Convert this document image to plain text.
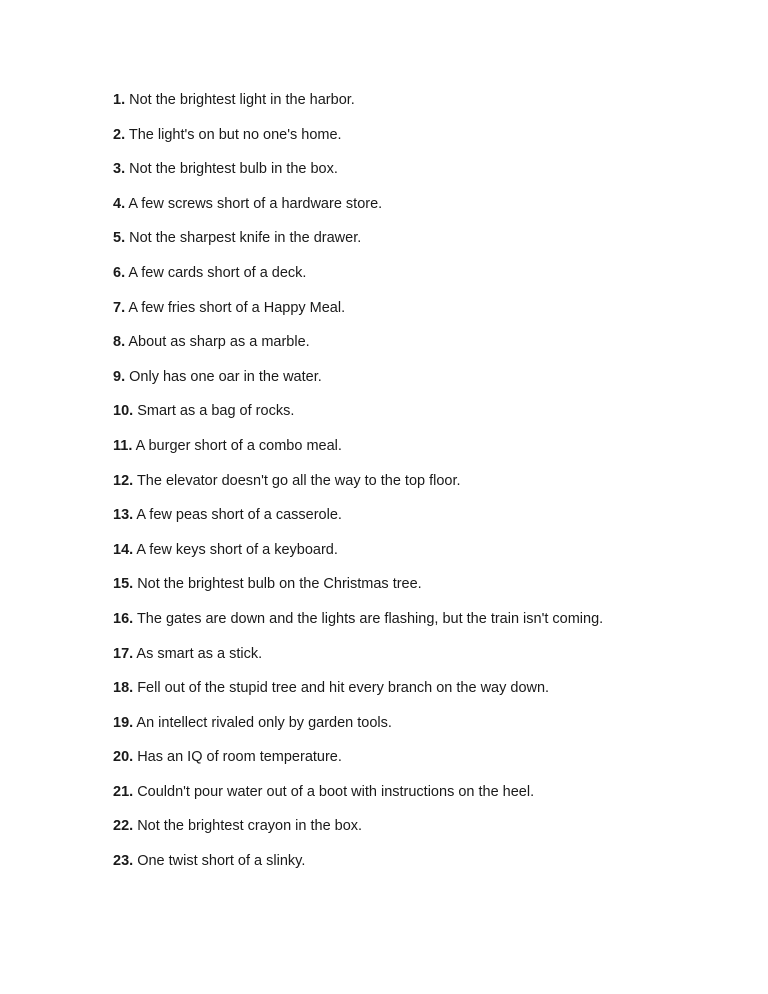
1. Not the brightest light in the harbor.
2. The light's on but no one's home.
3. Not the brightest bulb in the box.
4. A few screws short of a hardware store.
5. Not the sharpest knife in the drawer.
6. A few cards short of a deck.
7. A few fries short of a Happy Meal.
8. About as sharp as a marble.
9. Only has one oar in the water.
10. Smart as a bag of rocks.
11. A burger short of a combo meal.
12. The elevator doesn't go all the way to the top floor.
13. A few peas short of a casserole.
14. A few keys short of a keyboard.
15. Not the brightest bulb on the Christmas tree.
16. The gates are down and the lights are flashing, but the train isn't coming.
17. As smart as a stick.
18. Fell out of the stupid tree and hit every branch on the way down.
19. An intellect rivaled only by garden tools.
20. Has an IQ of room temperature.
21. Couldn't pour water out of a boot with instructions on the heel.
22. Not the brightest crayon in the box.
23. One twist short of a slinky.
